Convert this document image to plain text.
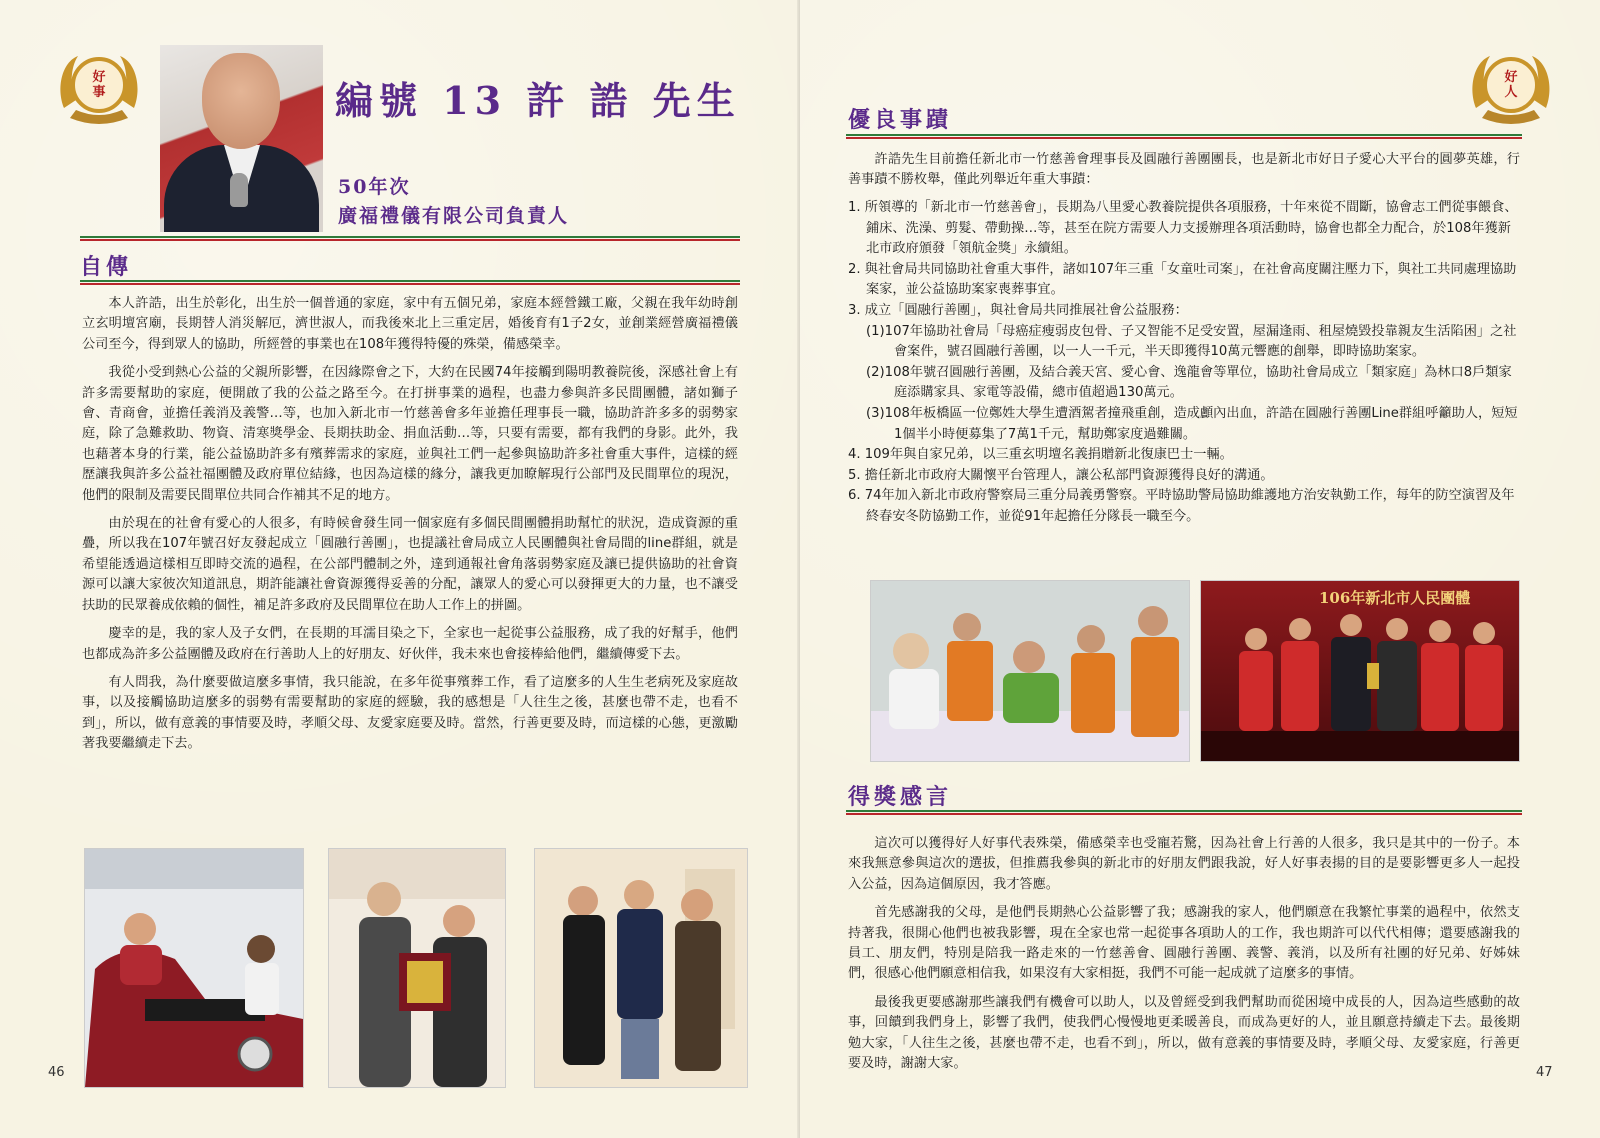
好
事	編號 13 許 誥 先生
50年次
廣福禮儀有限公司負責人
自傳

本人許誥，出生於彰化，出生於一個普通的家庭，家中有五個兄弟，家庭本經營鐵工廠，父親在我年幼時創立玄明壇宮廟，長期替人消災解厄，濟世淑人，而我後來北上三重定居，婚後育有1子2女，並創業經營廣福禮儀公司至今，得到眾人的協助，所經營的事業也在108年獲得特優的殊榮，備感榮幸。

我從小受到熱心公益的父親所影響，在因緣際會之下，大約在民國74年接觸到陽明教養院後，深感社會上有許多需要幫助的家庭，便開啟了我的公益之路至今。在打拼事業的過程，也盡力參與許多民間團體，諸如獅子會、青商會，並擔任義消及義警…等，也加入新北市一竹慈善會多年並擔任理事長一職，協助許許多多的弱勢家庭，除了急難救助、物資、清寒獎學金、長期扶助金、捐血活動…等，只要有需要，都有我們的身影。此外，我也藉著本身的行業，能公益協助許多有殯葬需求的家庭，並與社工們一起參與協助許多社會重大事件，這樣的經歷讓我與許多公益社福團體及政府單位結緣，也因為這樣的緣分，讓我更加瞭解現行公部門及民間單位的現況，他們的限制及需要民間單位共同合作補其不足的地方。

由於現在的社會有愛心的人很多，有時候會發生同一個家庭有多個民間團體捐助幫忙的狀況，造成資源的重疊，所以我在107年號召好友發起成立「圓融行善團」，也提議社會局成立人民團體與社會局間的line群組，就是希望能透過這樣相互即時交流的過程，在公部門體制之外，達到通報社會角落弱勢家庭及讓已提供協助的社會資源可以讓大家彼次知道訊息，期許能讓社會資源獲得妥善的分配，讓眾人的愛心可以發揮更大的力量，也不讓受扶助的民眾養成依賴的個性，補足許多政府及民間單位在助人工作上的拼圖。

慶幸的是，我的家人及子女們，在長期的耳濡目染之下，全家也一起從事公益服務，成了我的好幫手，他們也都成為許多公益團體及政府在行善助人上的好朋友、好伙伴，我未來也會接棒給他們，繼續傳愛下去。

有人問我，為什麼要做這麼多事情，我只能說，在多年從事殯葬工作，看了這麼多的人生生老病死及家庭故事，以及接觸協助這麼多的弱勢有需要幫助的家庭的經驗，我的感想是「人往生之後，甚麼也帶不走，也看不到」，所以，做有意義的事情要及時，孝順父母、友愛家庭要及時。當然，行善更要及時，而這樣的心態，更激勵著我要繼續走下去。

46
好
人
優良事蹟

許誥先生目前擔任新北市一竹慈善會理事長及圓融行善團團長，也是新北市好日子愛心大平台的圓夢英雄，行善事蹟不勝枚舉，僅此列舉近年重大事蹟：

1. 所領導的「新北市一竹慈善會」，長期為八里愛心教養院提供各項服務，十年來從不間斷，協會志工們從事餵食、鋪床、洗澡、剪髮、帶動操…等，甚至在院方需要人力支援辦理各項活動時，協會也都全力配合，於108年獲新北市政府頒發「領航金獎」永續組。
2. 與社會局共同協助社會重大事件，諸如107年三重「女童吐司案」，在社會高度關注壓力下，與社工共同處理協助案家，並公益協助案家喪葬事宜。
3. 成立「圓融行善團」，與社會局共同推展社會公益服務：
(1)107年協助社會局「母癌症瘦弱皮包骨、子又智能不足受安置，屋漏逢雨、租屋燒毀投靠親友生活陷困」之社會案件，號召圓融行善團，以一人一千元，半天即獲得10萬元響應的創舉，即時協助案家。
(2)108年號召圓融行善團，及結合義天宮、愛心會、逸龍會等單位，協助社會局成立「類家庭」為林口8戶類家庭添購家具、家電等設備，總市值超過130萬元。
(3)108年板橋區一位鄭姓大學生遭酒駕者撞飛重創，造成顱內出血，許誥在圓融行善團Line群組呼籲助人，短短 1個半小時便募集了7萬1千元，幫助鄭家度過難關。
4. 109年與自家兄弟，以三重玄明壇名義捐贈新北復康巴士一輛。
5. 擔任新北市政府大關懷平台管理人，讓公私部門資源獲得良好的溝通。
6. 74年加入新北市政府警察局三重分局義勇警察。平時協助警局協助維護地方治安執勤工作，每年的防空演習及年終春安冬防協勤工作，並從91年起擔任分隊長一職至今。
106年新北市人民團體
得獎感言

這次可以獲得好人好事代表殊榮，備感榮幸也受寵若驚，因為社會上行善的人很多，我只是其中的一份子。本來我無意參與這次的選拔，但推薦我參與的新北市的好朋友們跟我說，好人好事表揚的目的是要影響更多人一起投入公益，因為這個原因，我才答應。

首先感謝我的父母，是他們長期熱心公益影響了我；感謝我的家人，他們願意在我繁忙事業的過程中，依然支持著我，很開心他們也被我影響，現在全家也常一起從事各項助人的工作，我也期許可以代代相傳；還要感謝我的員工、朋友們，特別是陪我一路走來的一竹慈善會、圓融行善團、義警、義消，以及所有社團的好兄弟、好姊妹們，很感心他們願意相信我，如果沒有大家相挺，我們不可能一起成就了這麼多的事情。

最後我更要感謝那些讓我們有機會可以助人，以及曾經受到我們幫助而從困境中成長的人，因為這些感動的故事，回饋到我們身上，影響了我們，使我們心慢慢地更柔暖善良，而成為更好的人，並且願意持續走下去。最後期勉大家，「人往生之後，甚麼也帶不走，也看不到」，所以，做有意義的事情要及時，孝順父母、友愛家庭，行善更要及時，謝謝大家。

47
